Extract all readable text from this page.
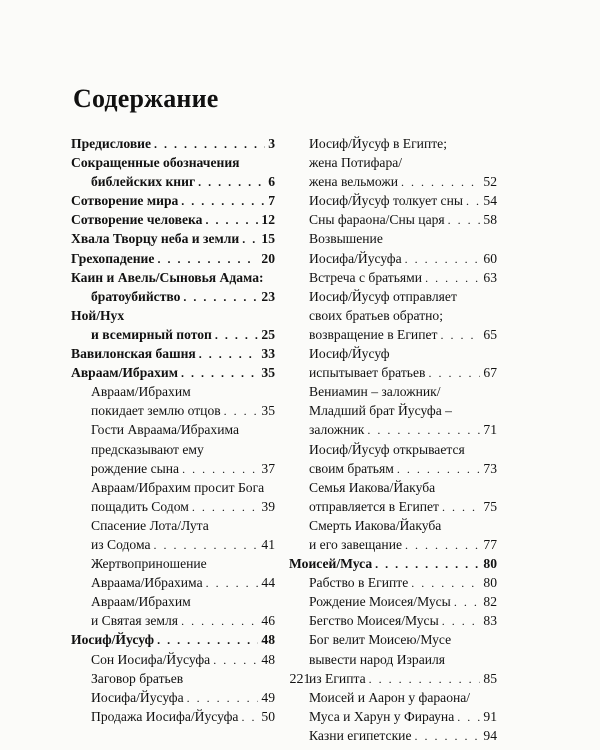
Содержание
Предисловие . . .	3
Сокращенные обозначения
библейских книг . . .	6
Сотворение мира . . .	7
Сотворение человека . . .	12
Хвала Творцу неба и земли . . . 15
Грехопадение . . .	20
Каин и Авель/Сыновья Адама:
братоубийство . . .	23
Ной/Нух
и всемирный потоп . . .	25
Вавилонская башня . . .	33
Авраам/Ибрахим . . .	35
Авраам/Ибрахим
покидает землю отцов . . .	35
Гости Авраама/Ибрахима
предсказывают ему
рождение сына . . .	37
Авраам/Ибрахим просит Бога
пощадить Содом . . .	39
Спасение Лота/Лута
из Содома . . .	41
Жертвоприношение
Авраама/Ибрахима . . .	44
Авраам/Ибрахим
и Святая земля . . .	46
Иосиф/Йусуф . . .	48
Сон Иосифа/Йусуфа . . .	48
Заговор братьев
Иосифа/Йусуфа . . .	49
Продажа Иосифа/Йусуфа . . . 50
Иосиф/Йусуф в Египте;
жена Потифара/
жена вельможи . . .	52
Иосиф/Йусуф толкует сны . . . 54
Сны фараона/Сны царя . . .	58
Возвышение
Иосифа/Йусуфа . . .	60
Встреча с братьями . . .	63
Иосиф/Йусуф отправляет
своих братьев обратно;
возвращение в Египет . . .	65
Иосиф/Йусуф
испытывает братьев . . .	67
Вениамин – заложник/
Младший брат Йусуфа –
заложник . . .	71
Иосиф/Йусуф открывается
своим братьям . . .	73
Семья Иакова/Йакуба
отправляется в Египет . . .	75
Смерть Иакова/Йакуба
и его завещание . . .	77
Моисей/Муса . . .	80
Рабство в Египте . . .	80
Рождение Моисея/Мусы . . . 82
Бегство Моисея/Мусы . . .	83
Бог велит Моисею/Мусе
вывести народ Израиля
из Египта . . .	85
Моисей и Аарон у фараона/
Муса и Харун у Фирауна . . . 91
Казни египетские . . .	94
221
